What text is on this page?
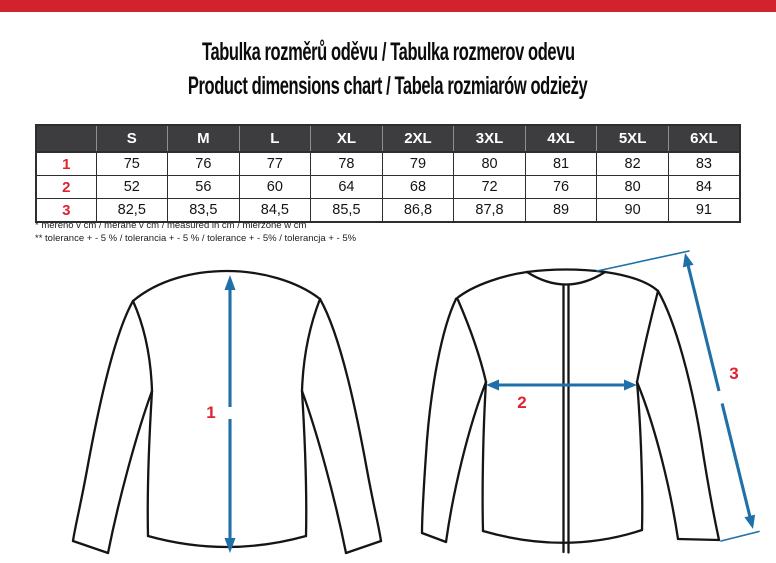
Tabulka rozměrů oděvu / Tabulka rozmerov odevu
Product dimensions chart / Tabela rozmiarów odzieży
	S	M	L	XL	2XL	3XL	4XL	5XL	6XL
1	75	76	77	78	79	80	81	82	83
2	52	56	60	64	68	72	76	80	84
3	82,5	83,5	84,5	85,5	86,8	87,8	89	90	91
* měřeno v cm / merané v cm / measured in cm / mierzone w cm
** tolerance + - 5 % / tolerancia + - 5 % / tolerance + - 5% / tolerancja + - 5%
1
2
3
